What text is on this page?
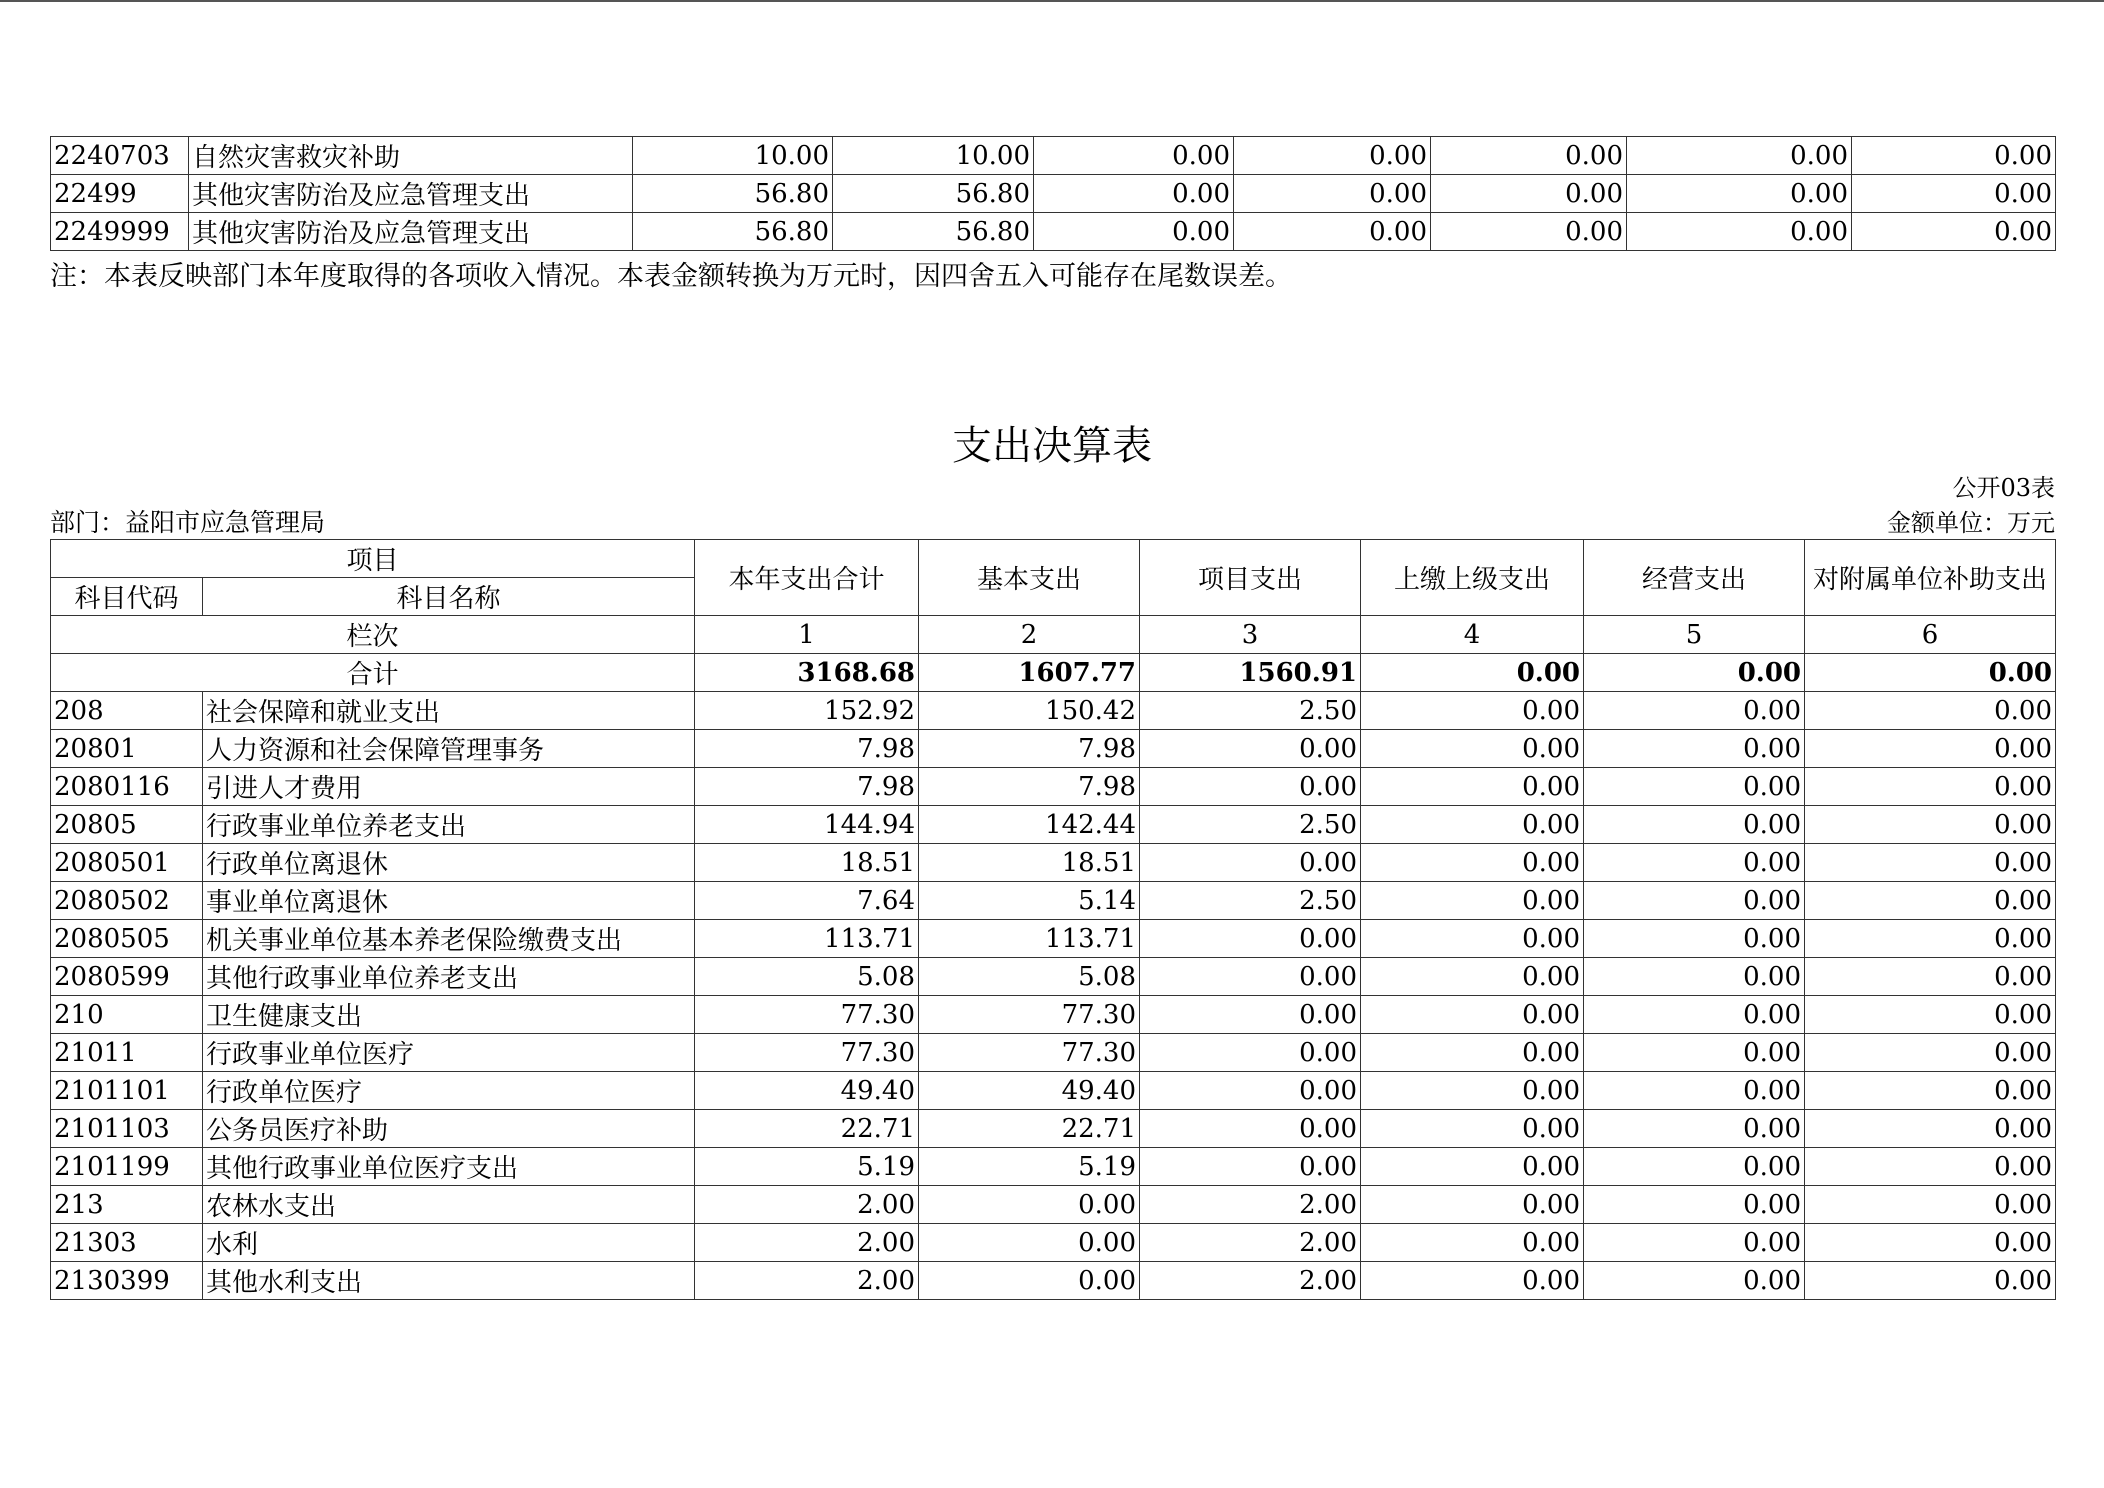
2240703	自然灾害救灾补助	10.00	10.00	0.00	0.00	0.00	0.00	0.00
22499	其他灾害防治及应急管理支出	56.80	56.80	0.00	0.00	0.00	0.00	0.00
2249999	其他灾害防治及应急管理支出	56.80	56.80	0.00	0.00	0.00	0.00	0.00
注：本表反映部门本年度取得的各项收入情况。本表金额转换为万元时，因四舍五入可能存在尾数误差。
支出决算表
公开03表
部门：益阳市应急管理局	金额单位：万元
项目		本年支出合计	基本支出	项目支出	上缴上级支出	经营支出	对附属单位补助支出
科目代码	科目名称						
栏次		1	2	3	4	5	6
合计		3168.68	1607.77	1560.91	0.00	0.00	0.00
208	社会保障和就业支出	152.92	150.42	2.50	0.00	0.00	0.00
20801	人力资源和社会保障管理事务	7.98	7.98	0.00	0.00	0.00	0.00
2080116	引进人才费用	7.98	7.98	0.00	0.00	0.00	0.00
20805	行政事业单位养老支出	144.94	142.44	2.50	0.00	0.00	0.00
2080501	行政单位离退休	18.51	18.51	0.00	0.00	0.00	0.00
2080502	事业单位离退休	7.64	5.14	2.50	0.00	0.00	0.00
2080505	机关事业单位基本养老保险缴费支出	113.71	113.71	0.00	0.00	0.00	0.00
2080599	其他行政事业单位养老支出	5.08	5.08	0.00	0.00	0.00	0.00
210	卫生健康支出	77.30	77.30	0.00	0.00	0.00	0.00
21011	行政事业单位医疗	77.30	77.30	0.00	0.00	0.00	0.00
2101101	行政单位医疗	49.40	49.40	0.00	0.00	0.00	0.00
2101103	公务员医疗补助	22.71	22.71	0.00	0.00	0.00	0.00
2101199	其他行政事业单位医疗支出	5.19	5.19	0.00	0.00	0.00	0.00
213	农林水支出	2.00	0.00	2.00	0.00	0.00	0.00
21303	水利	2.00	0.00	2.00	0.00	0.00	0.00
2130399	其他水利支出	2.00	0.00	2.00	0.00	0.00	0.00
